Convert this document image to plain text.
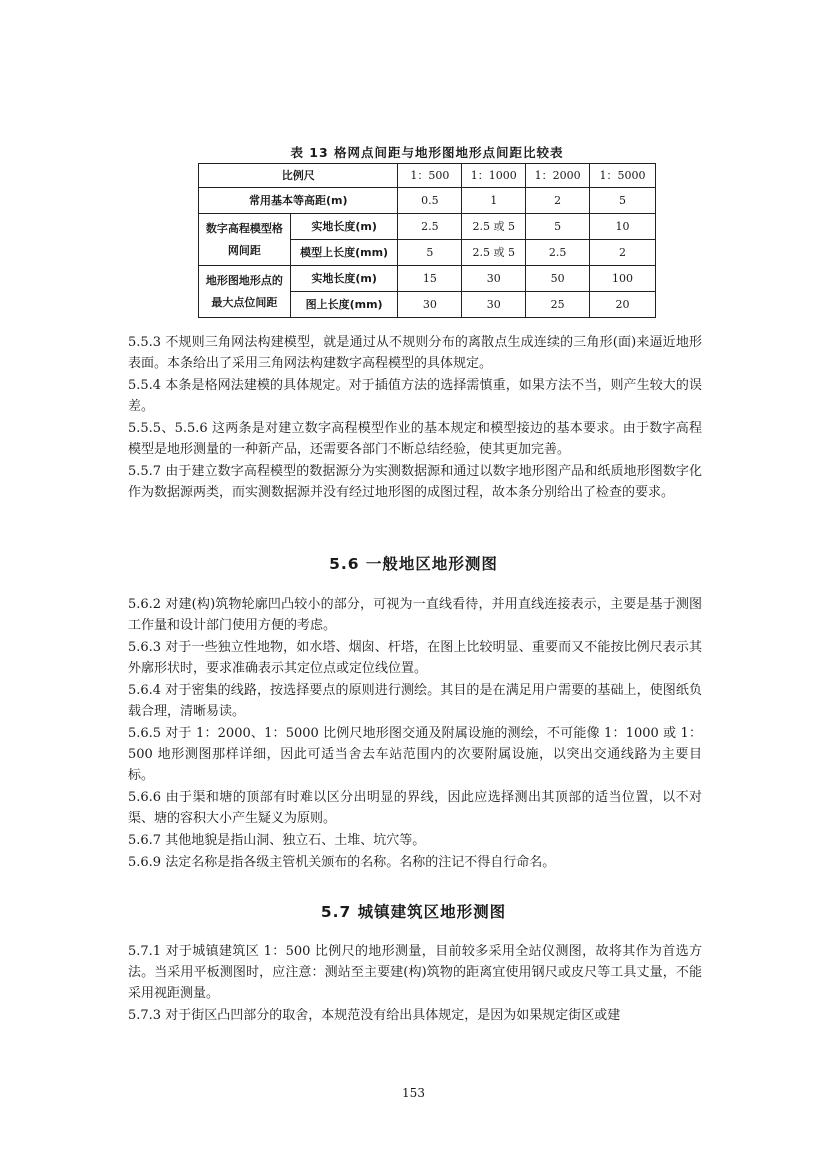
表 13 格网点间距与地形图地形点间距比较表
比例尺		1：500	1：1000	1：2000	1：5000
常用基本等高距(m)		0.5	1	2	5
数字高程模型格
网间距	实地长度(m)	2.5	2.5 或 5	5	10
	模型上长度(mm)	5	2.5 或 5	2.5	2
地形图地形点的
最大点位间距	实地长度(m)	15	30	50	100
	图上长度(mm)	30	30	25	20
5.5.3 不规则三角网法构建模型，就是通过从不规则分布的离散点生成连续的三角形(面)来逼近地形表面。本条给出了采用三角网法构建数字高程模型的具体规定。
5.5.4 本条是格网法建模的具体规定。对于插值方法的选择需慎重，如果方法不当，则产生较大的误差。
5.5.5、5.5.6 这两条是对建立数字高程模型作业的基本规定和模型接边的基本要求。由于数字高程模型是地形测量的一种新产品，还需要各部门不断总结经验，使其更加完善。
5.5.7 由于建立数字高程模型的数据源分为实测数据源和通过以数字地形图产品和纸质地形图数字化作为数据源两类，而实测数据源并没有经过地形图的成图过程，故本条分别给出了检查的要求。
5.6 一般地区地形测图
5.6.2 对建(构)筑物轮廓凹凸较小的部分，可视为一直线看待，并用直线连接表示，主要是基于测图工作量和设计部门使用方便的考虑。
5.6.3 对于一些独立性地物，如水塔、烟囱、杆塔，在图上比较明显、重要而又不能按比例尺表示其外廓形状时，要求准确表示其定位点或定位线位置。
5.6.4 对于密集的线路，按选择要点的原则进行测绘。其目的是在满足用户需要的基础上，使图纸负载合理，清晰易读。
5.6.5 对于 1：2000、1：5000 比例尺地形图交通及附属设施的测绘，不可能像 1：1000 或 1：500 地形测图那样详细，因此可适当舍去车站范围内的次要附属设施，以突出交通线路为主要目标。
5.6.6 由于渠和塘的顶部有时难以区分出明显的界线，因此应选择测出其顶部的适当位置，以不对渠、塘的容积大小产生疑义为原则。
5.6.7 其他地貌是指山洞、独立石、土堆、坑穴等。
5.6.9 法定名称是指各级主管机关颁布的名称。名称的注记不得自行命名。
5.7 城镇建筑区地形测图
5.7.1 对于城镇建筑区 1：500 比例尺的地形测量，目前较多采用全站仪测图，故将其作为首选方法。当采用平板测图时，应注意：测站至主要建(构)筑物的距离宜使用钢尺或皮尺等工具丈量，不能采用视距测量。
5.7.3 对于街区凸凹部分的取舍，本规范没有给出具体规定，是因为如果规定街区或建
153
